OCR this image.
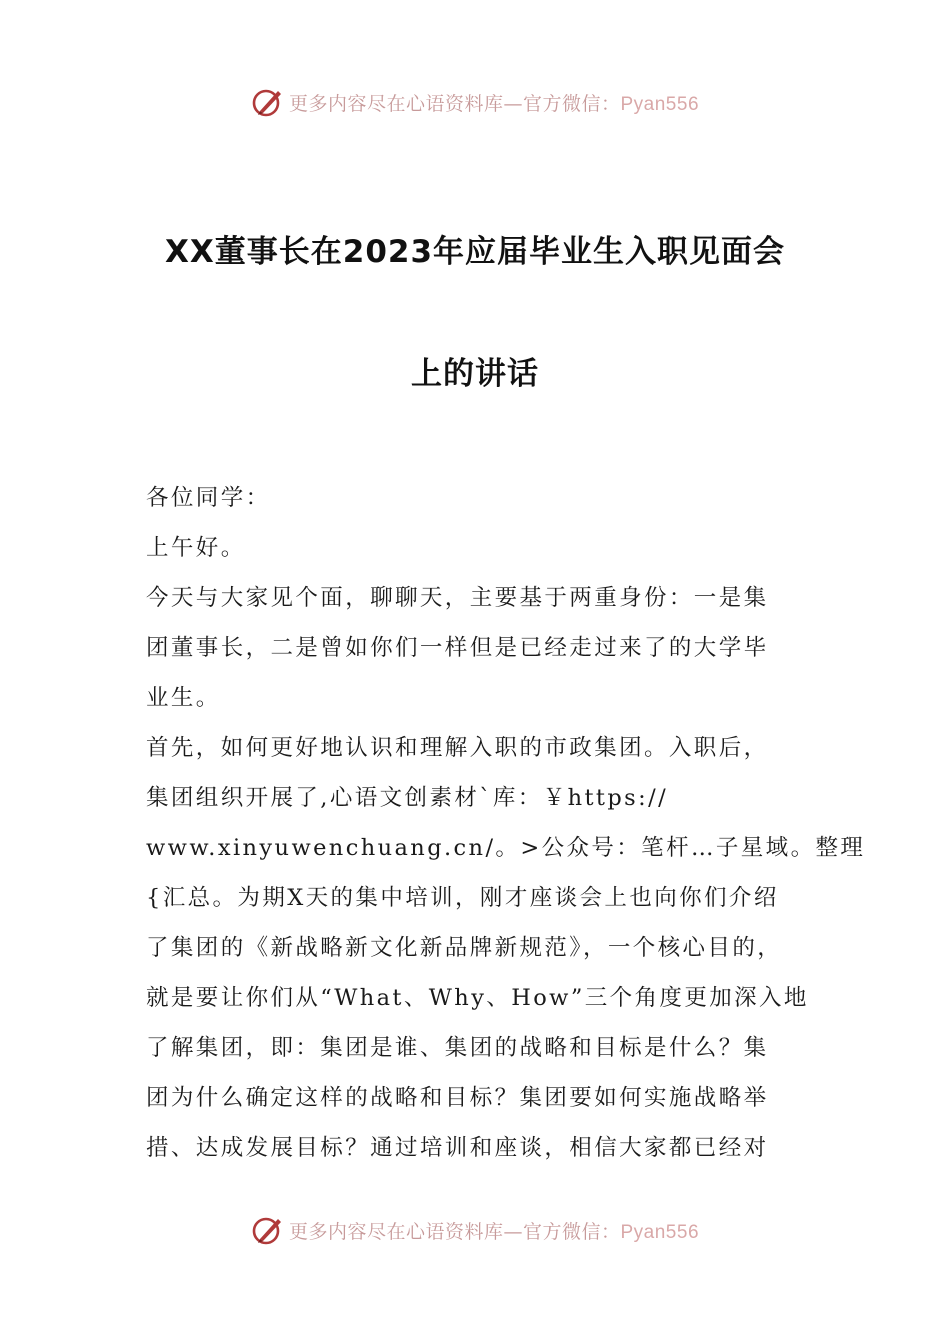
更多内容尽在心语资料库—官方微信：Pyan556
XX董事长在2023年应届毕业生入职见面会
上的讲话
各位同学：
上午好。
今天与大家见个面，聊聊天，主要基于两重身份：一是集
团董事长，二是曾如你们一样但是已经走过来了的大学毕
业生。
首先，如何更好地认识和理解入职的市政集团。入职后，
集团组织开展了,心语文创素材`库：￥https://
www.xinyuwenchuang.cn/。>公众号：笔杆…子星域。整理
{汇总。为期X天的集中培训，刚才座谈会上也向你们介绍
了集团的《新战略新文化新品牌新规范》，一个核心目的，
就是要让你们从“What、Why、How”三个角度更加深入地
了解集团，即：集团是谁、集团的战略和目标是什么？集
团为什么确定这样的战略和目标？集团要如何实施战略举
措、达成发展目标？通过培训和座谈，相信大家都已经对
更多内容尽在心语资料库—官方微信：Pyan556
